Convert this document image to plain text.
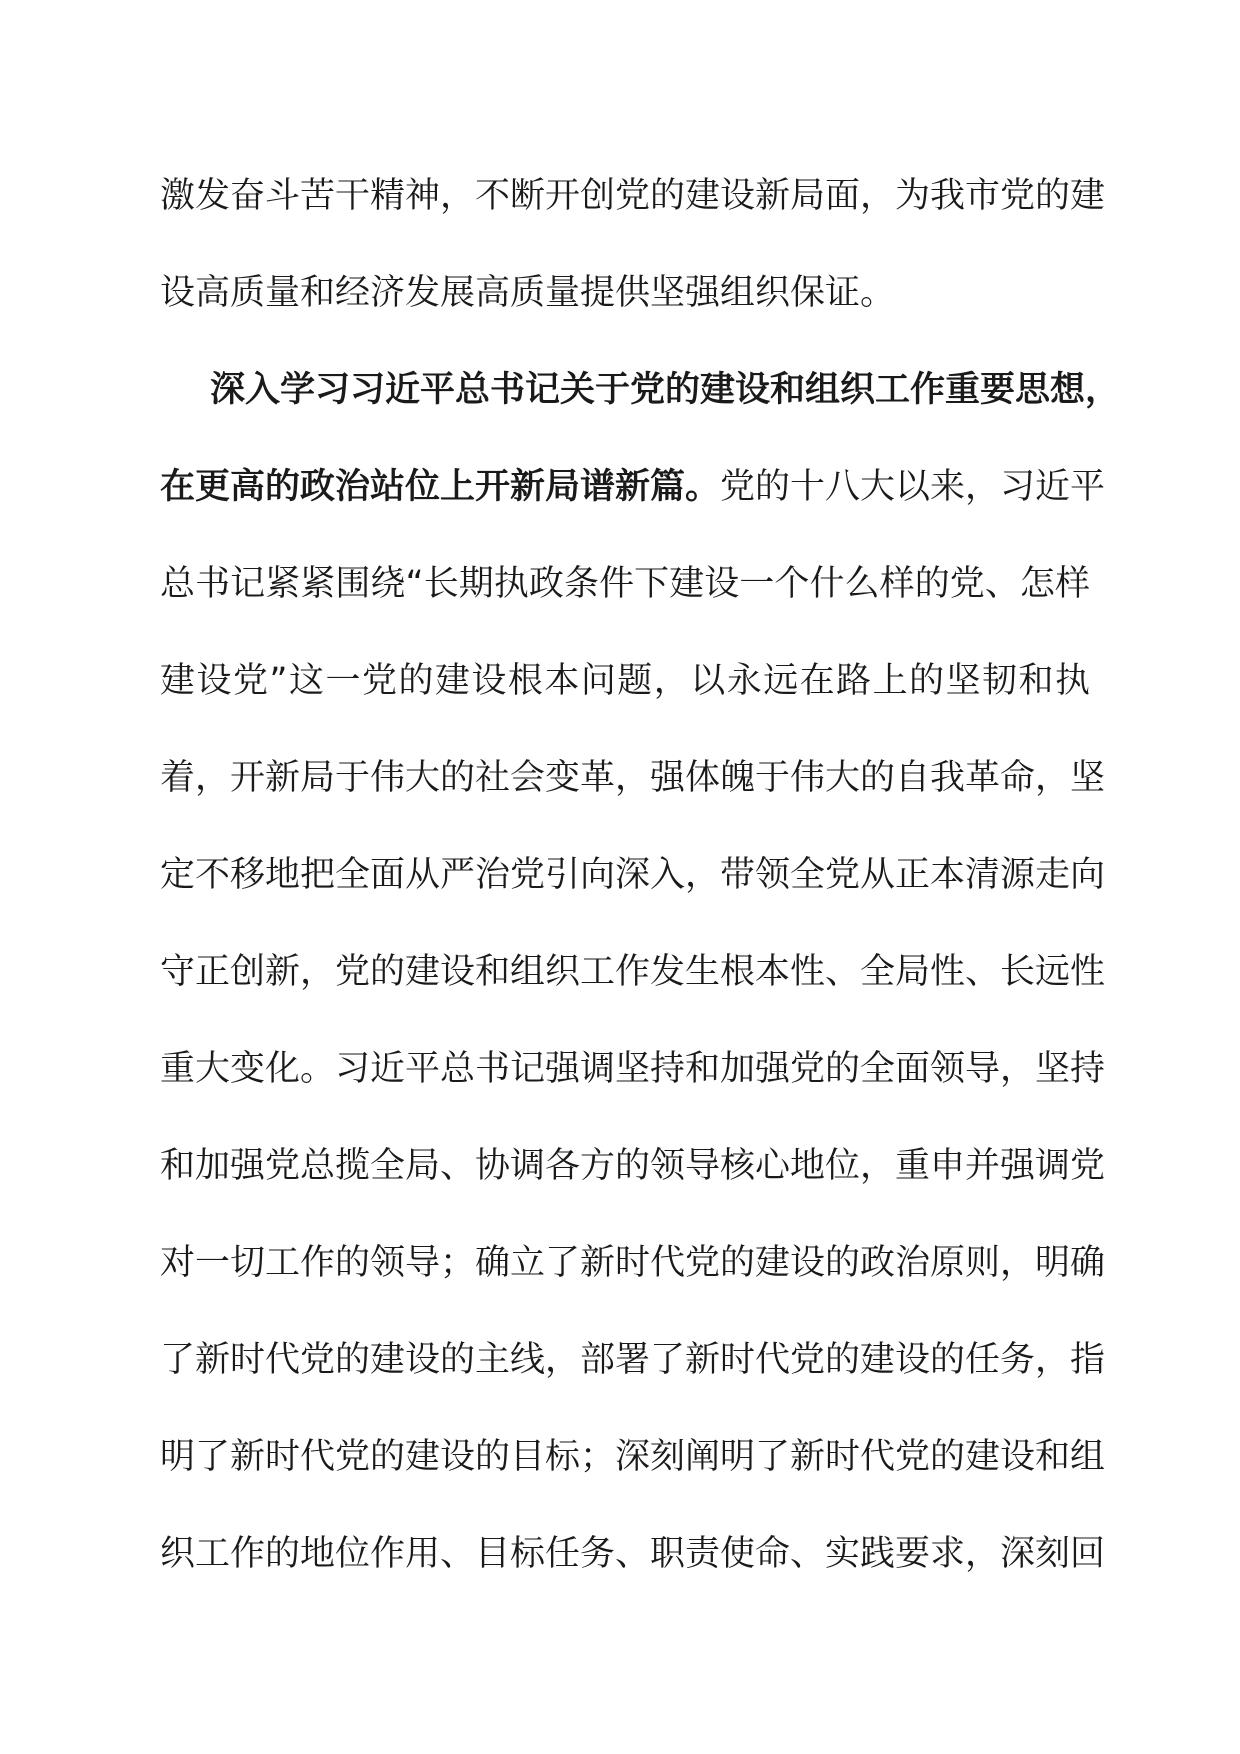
激发奋斗苦干精神，不断开创党的建设新局面，为我市党的建
设高质量和经济发展高质量提供坚强组织保证。
深入学习习近平总书记关于党的建设和组织工作重要思想，
在更高的政治站位上开新局谱新篇。党的十八大以来，习近平
总书记紧紧围绕“长期执政条件下建设一个什么样的党、怎样
建设党”这一党的建设根本问题，以永远在路上的坚韧和执
着，开新局于伟大的社会变革，强体魄于伟大的自我革命，坚
定不移地把全面从严治党引向深入，带领全党从正本清源走向
守正创新，党的建设和组织工作发生根本性、全局性、长远性
重大变化。习近平总书记强调坚持和加强党的全面领导，坚持
和加强党总揽全局、协调各方的领导核心地位，重申并强调党
对一切工作的领导；确立了新时代党的建设的政治原则，明确
了新时代党的建设的主线，部署了新时代党的建设的任务，指
明了新时代党的建设的目标；深刻阐明了新时代党的建设和组
织工作的地位作用、目标任务、职责使命、实践要求，深刻回
